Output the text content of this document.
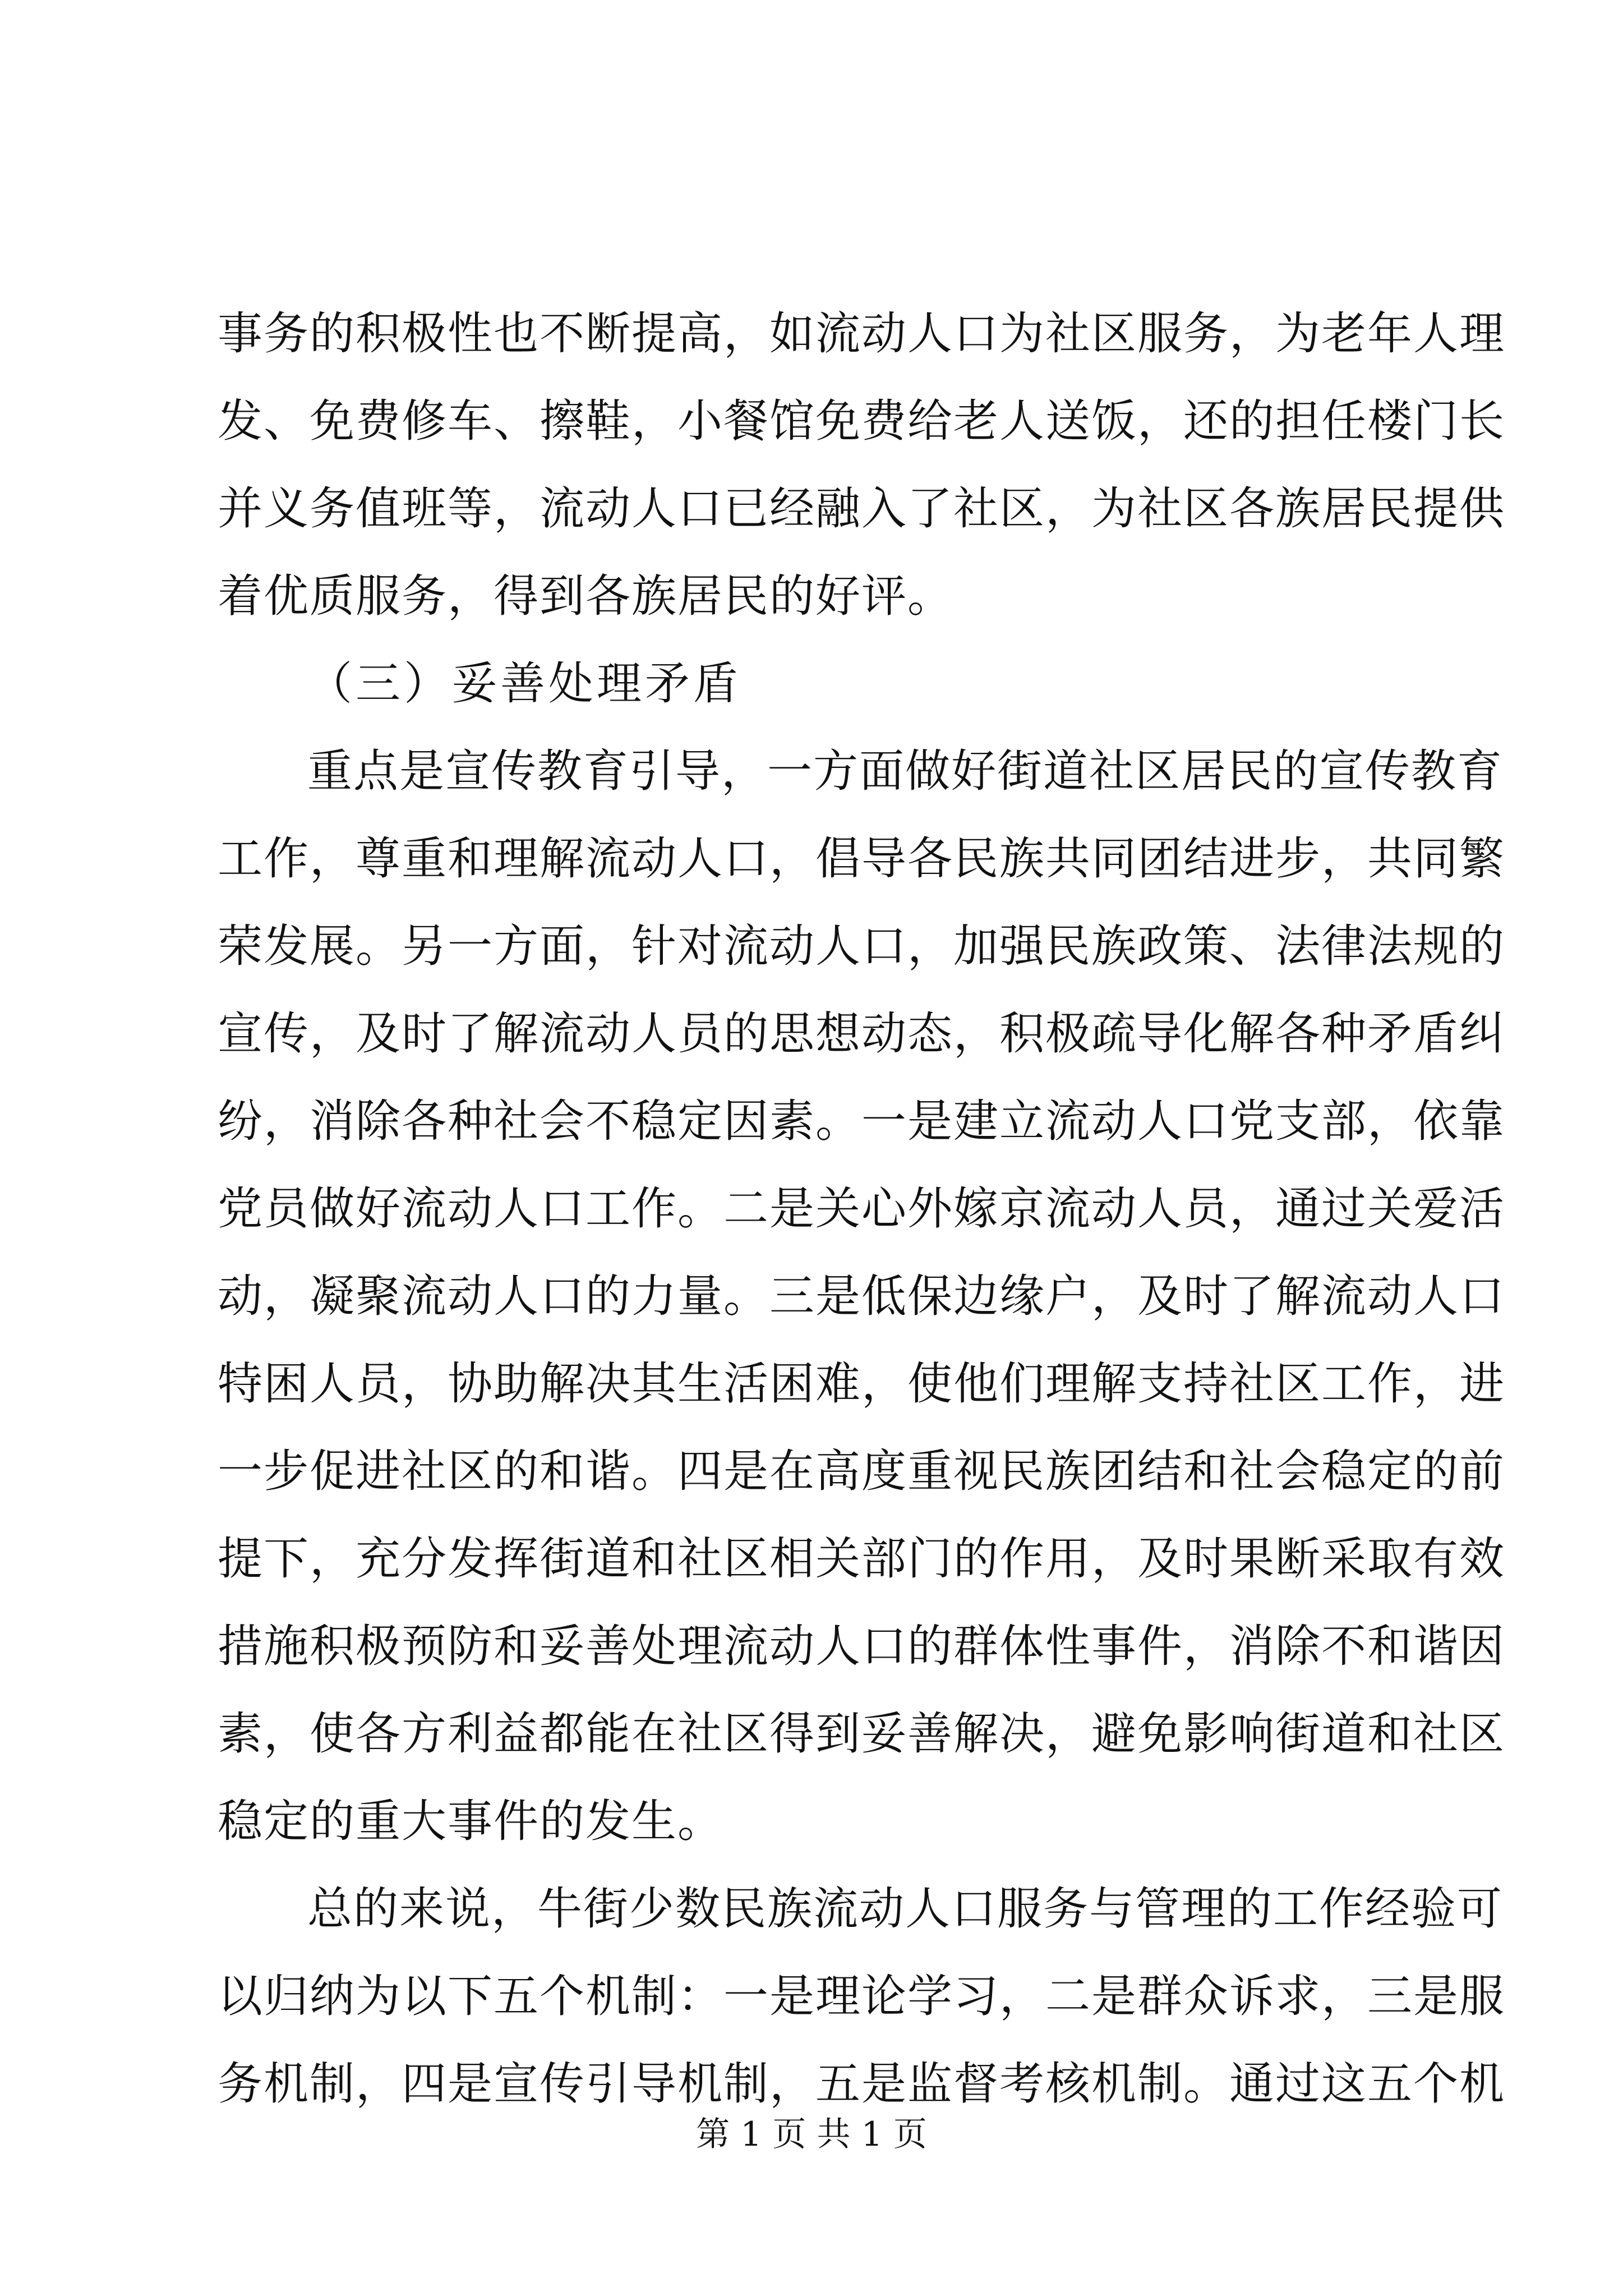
事务的积极性也不断提高，如流动人口为社区服务，为老年人理
发、免费修车、擦鞋，小餐馆免费给老人送饭，还的担任楼门长
并义务值班等，流动人口已经融入了社区，为社区各族居民提供
着优质服务，得到各族居民的好评。
（三）妥善处理矛盾
重点是宣传教育引导，一方面做好街道社区居民的宣传教育
工作，尊重和理解流动人口，倡导各民族共同团结进步，共同繁
荣发展。另一方面，针对流动人口，加强民族政策、法律法规的
宣传，及时了解流动人员的思想动态，积极疏导化解各种矛盾纠
纷，消除各种社会不稳定因素。一是建立流动人口党支部，依靠
党员做好流动人口工作。二是关心外嫁京流动人员，通过关爱活
动，凝聚流动人口的力量。三是低保边缘户，及时了解流动人口
特困人员，协助解决其生活困难，使他们理解支持社区工作，进
一步促进社区的和谐。四是在高度重视民族团结和社会稳定的前
提下，充分发挥街道和社区相关部门的作用，及时果断采取有效
措施积极预防和妥善处理流动人口的群体性事件，消除不和谐因
素，使各方利益都能在社区得到妥善解决，避免影响街道和社区
稳定的重大事件的发生。
总的来说，牛街少数民族流动人口服务与管理的工作经验可
以归纳为以下五个机制：一是理论学习，二是群众诉求，三是服
务机制，四是宣传引导机制，五是监督考核机制。通过这五个机
第 1 页 共 1 页
